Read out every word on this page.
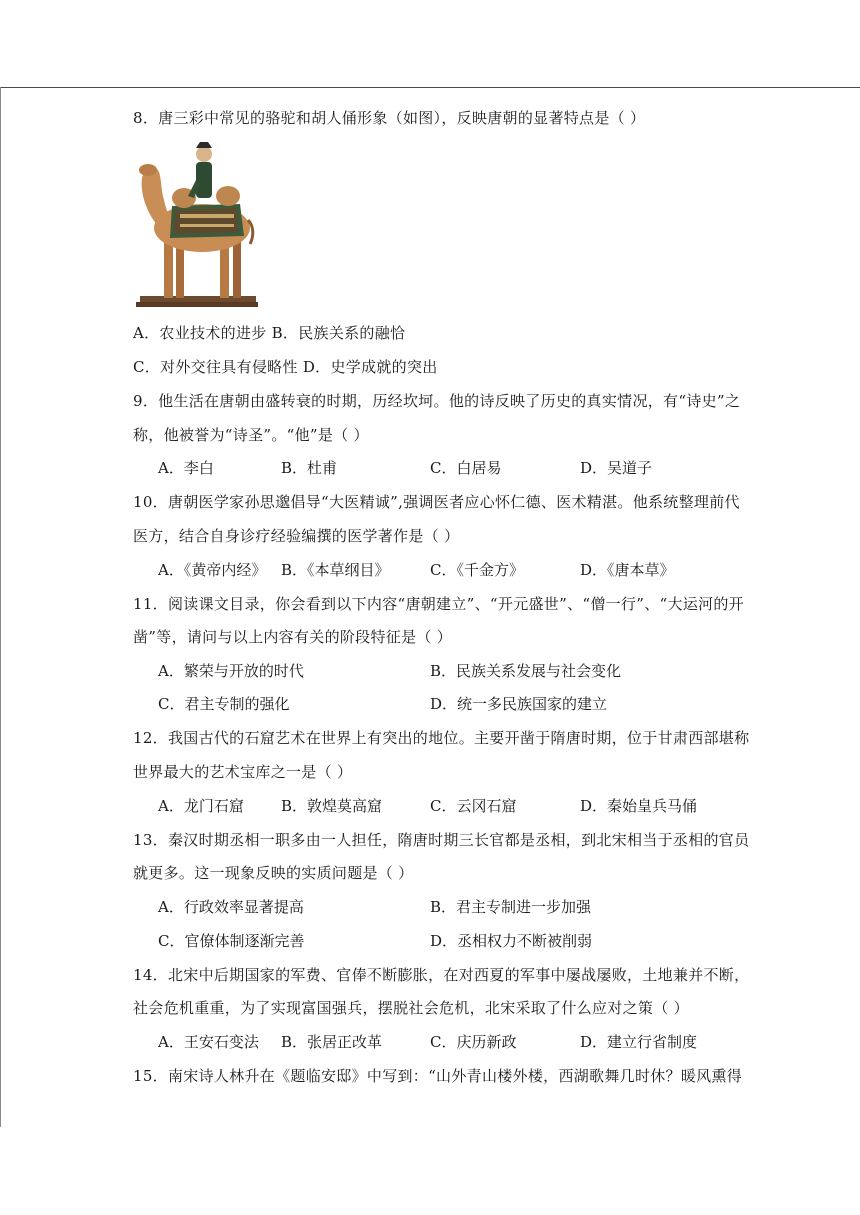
8．唐三彩中常见的骆驼和胡人俑形象（如图），反映唐朝的显著特点是（ ）
A．农业技术的进步 B．民族关系的融恰
C．对外交往具有侵略性 D．史学成就的突出
9．他生活在唐朝由盛转衰的时期，历经坎坷。他的诗反映了历史的真实情况，有“诗史”之
称，他被誉为“诗圣”。“他”是（ ）
A．李白	B．杜甫	C．白居易	D．吴道子
10．唐朝医学家孙思邈倡导“大医精诚”,强调医者应心怀仁德、医术精湛。他系统整理前代
医方，结合自身诊疗经验编撰的医学著作是（ ）
A．《黄帝内经》 B．《本草纲目》	C．《千金方》	D．《唐本草》
11．阅读课文目录，你会看到以下内容“唐朝建立”、“开元盛世”、“僧一行”、“大运河的开
凿”等，请问与以上内容有关的阶段特征是（ ）
A．繁荣与开放的时代	B．民族关系发展与社会变化
C．君主专制的强化	D．统一多民族国家的建立
12．我国古代的石窟艺术在世界上有突出的地位。主要开凿于隋唐时期，位于甘肃西部堪称
世界最大的艺术宝库之一是（ ）
A．龙门石窟 B．敦煌莫高窟	C．云冈石窟	D．秦始皇兵马俑
13．秦汉时期丞相一职多由一人担任，隋唐时期三长官都是丞相，到北宋相当于丞相的官员
就更多。这一现象反映的实质问题是（ ）
A．行政效率显著提高	B．君主专制进一步加强
C．官僚体制逐渐完善	D．丞相权力不断被削弱
14．北宋中后期国家的军费、官俸不断膨胀，在对西夏的军事中屡战屡败，土地兼并不断，
社会危机重重，为了实现富国强兵，摆脱社会危机，北宋采取了什么应对之策（ ）
A．王安石变法 B．张居正改革	C．庆历新政	D．建立行省制度
15．南宋诗人林升在《题临安邸》中写到：“山外青山楼外楼，西湖歌舞几时休？暖风熏得
